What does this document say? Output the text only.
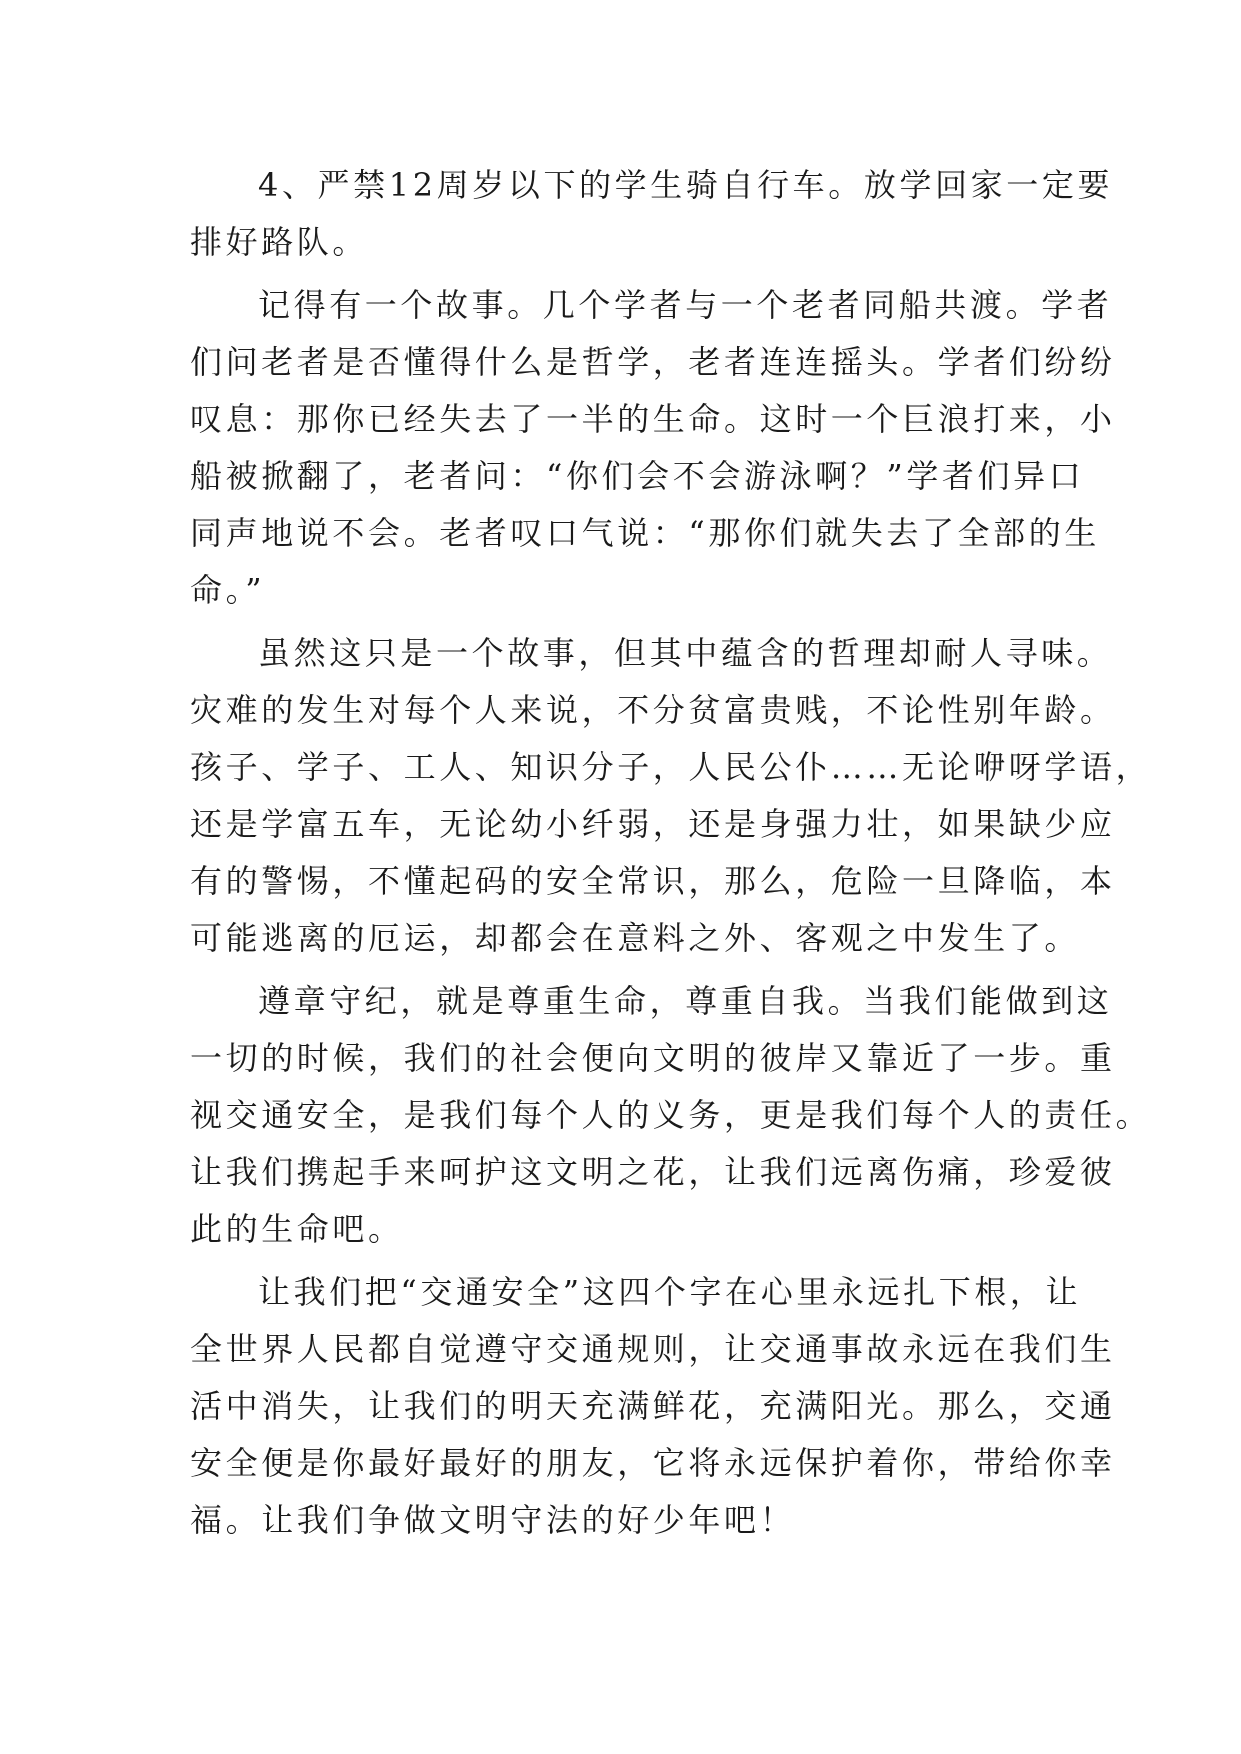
4、严禁12周岁以下的学生骑自行车。放学回家一定要
排好路队。
记得有一个故事。几个学者与一个老者同船共渡。学者
们问老者是否懂得什么是哲学，老者连连摇头。学者们纷纷
叹息：那你已经失去了一半的生命。这时一个巨浪打来，小
船被掀翻了，老者问：“你们会不会游泳啊？”学者们异口
同声地说不会。老者叹口气说：“那你们就失去了全部的生
命。”
虽然这只是一个故事，但其中蕴含的哲理却耐人寻味。
灾难的发生对每个人来说，不分贫富贵贱，不论性别年龄。
孩子、学子、工人、知识分子，人民公仆……无论咿呀学语，
还是学富五车，无论幼小纤弱，还是身强力壮，如果缺少应
有的警惕，不懂起码的安全常识，那么，危险一旦降临，本
可能逃离的厄运，却都会在意料之外、客观之中发生了。
遵章守纪，就是尊重生命，尊重自我。当我们能做到这
一切的时候，我们的社会便向文明的彼岸又靠近了一步。重
视交通安全，是我们每个人的义务，更是我们每个人的责任。
让我们携起手来呵护这文明之花，让我们远离伤痛，珍爱彼
此的生命吧。
让我们把“交通安全”这四个字在心里永远扎下根，让
全世界人民都自觉遵守交通规则，让交通事故永远在我们生
活中消失，让我们的明天充满鲜花，充满阳光。那么，交通
安全便是你最好最好的朋友，它将永远保护着你，带给你幸
福。让我们争做文明守法的好少年吧！
